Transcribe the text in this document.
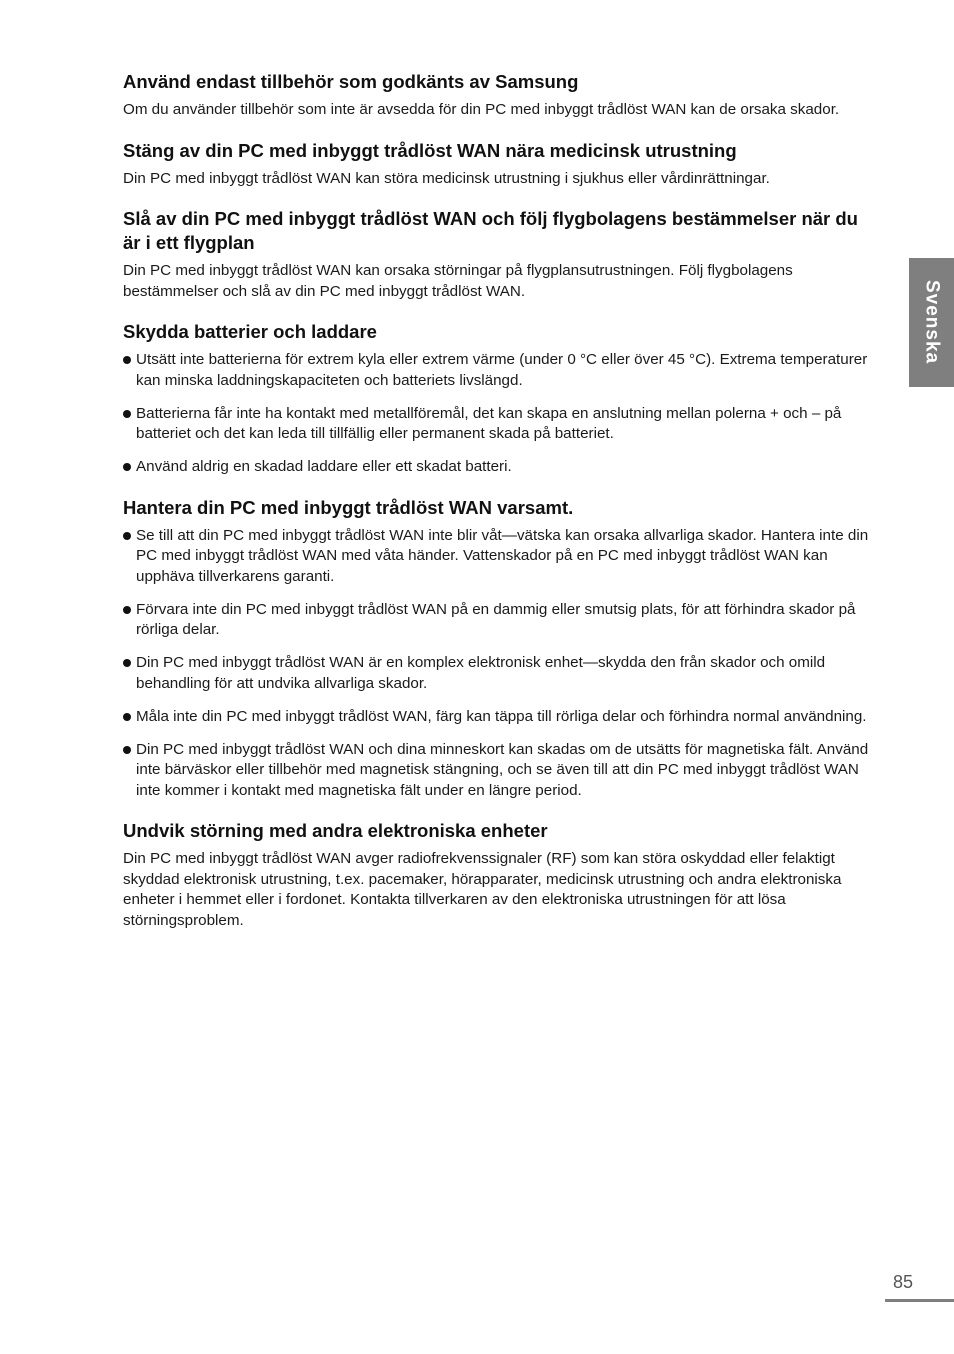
Använd endast tillbehör som godkänts av Samsung

Om du använder tillbehör som inte är avsedda för din PC med inbyggt trådlöst WAN kan de orsaka skador.

Stäng av din PC med inbyggt trådlöst WAN nära medicinsk utrustning

Din PC med inbyggt trådlöst WAN kan störa medicinsk utrustning i sjukhus eller vårdinrättningar.

Slå av din PC med inbyggt trådlöst WAN och följ flygbolagens bestämmelser när du är i ett flygplan

Din PC med inbyggt trådlöst WAN kan orsaka störningar på flygplansutrustningen. Följ flygbolagens bestämmelser och slå av din PC med inbyggt trådlöst WAN.

Skydda batterier och laddare
Utsätt inte batterierna för extrem kyla eller extrem värme (under 0 °C eller över 45 °C). Extrema temperaturer kan minska laddningskapaciteten och batteriets livslängd.
Batterierna får inte ha kontakt med metallföremål, det kan skapa en anslutning mellan polerna + och – på batteriet och det kan leda till tillfällig eller permanent skada på batteriet.
Använd aldrig en skadad laddare eller ett skadat batteri.
Hantera din PC med inbyggt trådlöst WAN varsamt.
Se till att din PC med inbyggt trådlöst WAN inte blir våt—vätska kan orsaka allvarliga skador. Hantera inte din PC med inbyggt trådlöst WAN med våta händer. Vattenskador på en PC med inbyggt trådlöst WAN kan upphäva tillverkarens garanti.
Förvara inte din PC med inbyggt trådlöst WAN på en dammig eller smutsig plats, för att förhindra skador på rörliga delar.
Din PC med inbyggt trådlöst WAN är en komplex elektronisk enhet—skydda den från skador och omild behandling för att undvika allvarliga skador.
Måla inte din PC med inbyggt trådlöst WAN, färg kan täppa till rörliga delar och förhindra normal användning.
Din PC med inbyggt trådlöst WAN och dina minneskort kan skadas om de utsätts för magnetiska fält. Använd inte bärväskor eller tillbehör med magnetisk stängning, och se även till att din PC med inbyggt trådlöst WAN inte kommer i kontakt med magnetiska fält under en längre period.
Undvik störning med andra elektroniska enheter

Din PC med inbyggt trådlöst WAN avger radiofrekvenssignaler (RF) som kan störa oskyddad eller felaktigt skyddad elektronisk utrustning, t.ex. pacemaker, hörapparater, medicinsk utrustning och andra elektroniska enheter i hemmet eller i fordonet. Kontakta tillverkaren av den elektroniska utrustningen för att lösa störningsproblem.

Svenska
85
